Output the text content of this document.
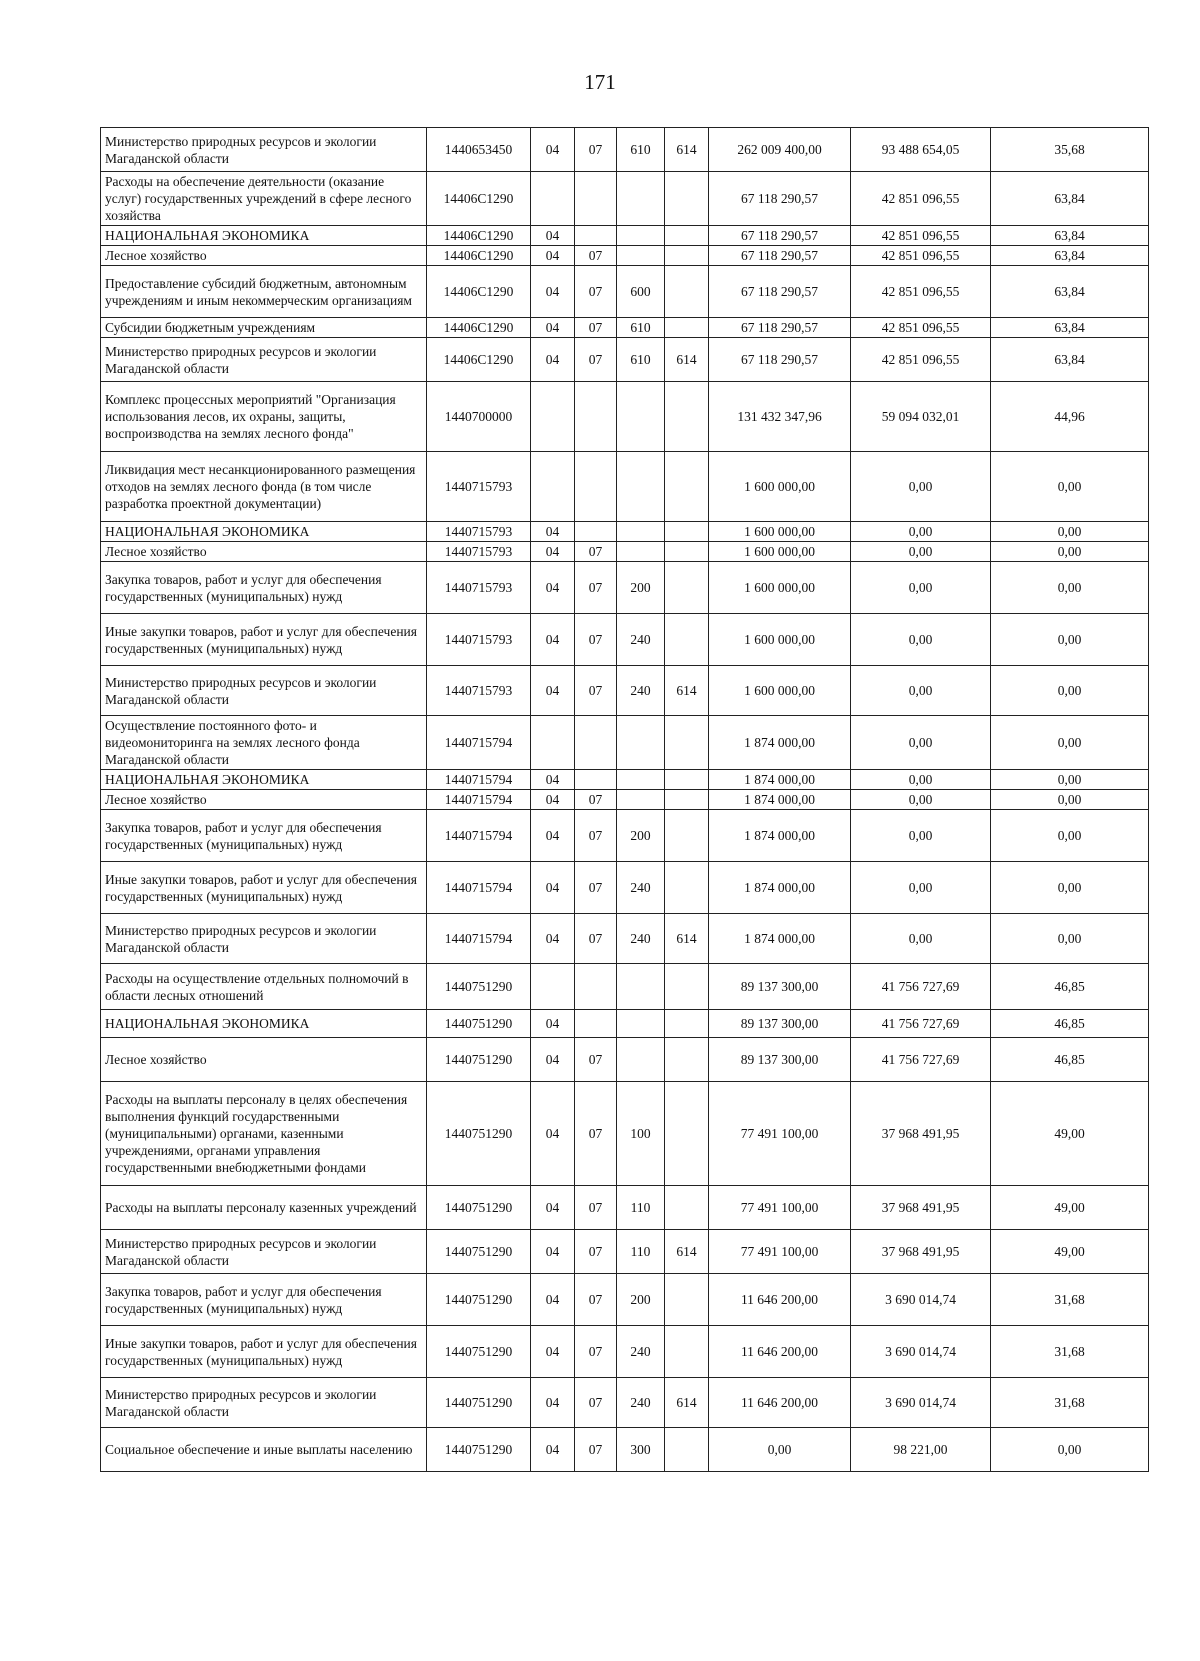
171
Министерство природных ресурсов и экологии Магаданской области	1440653450	04	07	610	614	262 009 400,00	93 488 654,05	35,68
Расходы на обеспечение деятельности (оказание услуг) государственных учреждений в сфере лесного хозяйства	14406С1290					67 118 290,57	42 851 096,55	63,84
НАЦИОНАЛЬНАЯ ЭКОНОМИКА	14406С1290	04				67 118 290,57	42 851 096,55	63,84
Лесное хозяйство	14406С1290	04	07			67 118 290,57	42 851 096,55	63,84
Предоставление субсидий бюджетным, автономным учреждениям и иным некоммерческим организациям	14406С1290	04	07	600		67 118 290,57	42 851 096,55	63,84
Субсидии бюджетным учреждениям	14406С1290	04	07	610		67 118 290,57	42 851 096,55	63,84
Министерство природных ресурсов и экологии Магаданской области	14406С1290	04	07	610	614	67 118 290,57	42 851 096,55	63,84
Комплекс процессных мероприятий "Организация использования лесов, их охраны, защиты, воспроизводства на землях лесного фонда"	1440700000					131 432 347,96	59 094 032,01	44,96
Ликвидация мест несанкционированного размещения отходов на землях лесного фонда (в том числе разработка проектной документации)	1440715793					1 600 000,00	0,00	0,00
НАЦИОНАЛЬНАЯ ЭКОНОМИКА	1440715793	04				1 600 000,00	0,00	0,00
Лесное хозяйство	1440715793	04	07			1 600 000,00	0,00	0,00
Закупка товаров, работ и услуг для обеспечения государственных (муниципальных) нужд	1440715793	04	07	200		1 600 000,00	0,00	0,00
Иные закупки товаров, работ и услуг для обеспечения государственных (муниципальных) нужд	1440715793	04	07	240		1 600 000,00	0,00	0,00
Министерство природных ресурсов и экологии Магаданской области	1440715793	04	07	240	614	1 600 000,00	0,00	0,00
Осуществление постоянного фото- и видеомониторинга на землях лесного фонда Магаданской области	1440715794					1 874 000,00	0,00	0,00
НАЦИОНАЛЬНАЯ ЭКОНОМИКА	1440715794	04				1 874 000,00	0,00	0,00
Лесное хозяйство	1440715794	04	07			1 874 000,00	0,00	0,00
Закупка товаров, работ и услуг для обеспечения государственных (муниципальных) нужд	1440715794	04	07	200		1 874 000,00	0,00	0,00
Иные закупки товаров, работ и услуг для обеспечения государственных (муниципальных) нужд	1440715794	04	07	240		1 874 000,00	0,00	0,00
Министерство природных ресурсов и экологии Магаданской области	1440715794	04	07	240	614	1 874 000,00	0,00	0,00
Расходы на осуществление отдельных полномочий в области лесных отношений	1440751290					89 137 300,00	41 756 727,69	46,85
НАЦИОНАЛЬНАЯ ЭКОНОМИКА	1440751290	04				89 137 300,00	41 756 727,69	46,85
Лесное хозяйство	1440751290	04	07			89 137 300,00	41 756 727,69	46,85
Расходы на выплаты персоналу в целях обеспечения выполнения функций государственными (муниципальными) органами, казенными учреждениями, органами управления государственными внебюджетными фондами	1440751290	04	07	100		77 491 100,00	37 968 491,95	49,00
Расходы на выплаты персоналу казенных учреждений	1440751290	04	07	110		77 491 100,00	37 968 491,95	49,00
Министерство природных ресурсов и экологии Магаданской области	1440751290	04	07	110	614	77 491 100,00	37 968 491,95	49,00
Закупка товаров, работ и услуг для обеспечения государственных (муниципальных) нужд	1440751290	04	07	200		11 646 200,00	3 690 014,74	31,68
Иные закупки товаров, работ и услуг для обеспечения государственных (муниципальных) нужд	1440751290	04	07	240		11 646 200,00	3 690 014,74	31,68
Министерство природных ресурсов и экологии Магаданской области	1440751290	04	07	240	614	11 646 200,00	3 690 014,74	31,68
Социальное обеспечение и иные выплаты населению	1440751290	04	07	300		0,00	98 221,00	0,00
